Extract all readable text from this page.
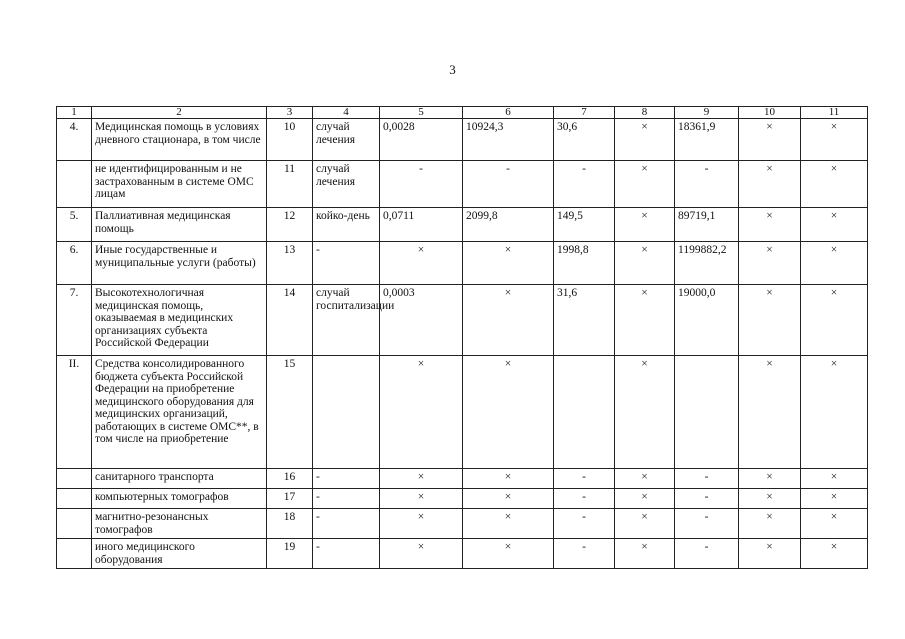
3
1	2	3	4	5	6	7	8	9	10	11
4.	Медицинская помощь в условиях дневного стационара, в том числе	10	случай лечения	0,0028	10924,3	30,6	×	18361,9	×	×
	не идентифицированным и не застрахованным в системе ОМС лицам	11	случай лечения	-	-	-	×	-	×	×
5.	Паллиативная медицинская помощь	12	койко-день	0,0711	2099,8	149,5	×	89719,1	×	×
6.	Иные государственные и муниципальные услуги (работы)	13	-	×	×	1998,8	×	1199882,2	×	×
7.	Высокотехнологичная медицинская помощь, оказываемая в медицинских организациях субъекта Российской Федерации	14	случай госпитализации	0,0003	×	31,6	×	19000,0	×	×
II.	Средства консолидированного бюджета субъекта Российской Федерации на приобретение медицинского оборудования для медицинских организаций, работающих в системе ОМС**, в том числе на приобретение	15		×	×		×		×	×
	санитарного транспорта	16	-	×	×	-	×	-	×	×
	компьютерных томографов	17	-	×	×	-	×	-	×	×
	магнитно-резонансных томографов	18	-	×	×	-	×	-	×	×
	иного медицинского оборудования	19	-	×	×	-	×	-	×	×
